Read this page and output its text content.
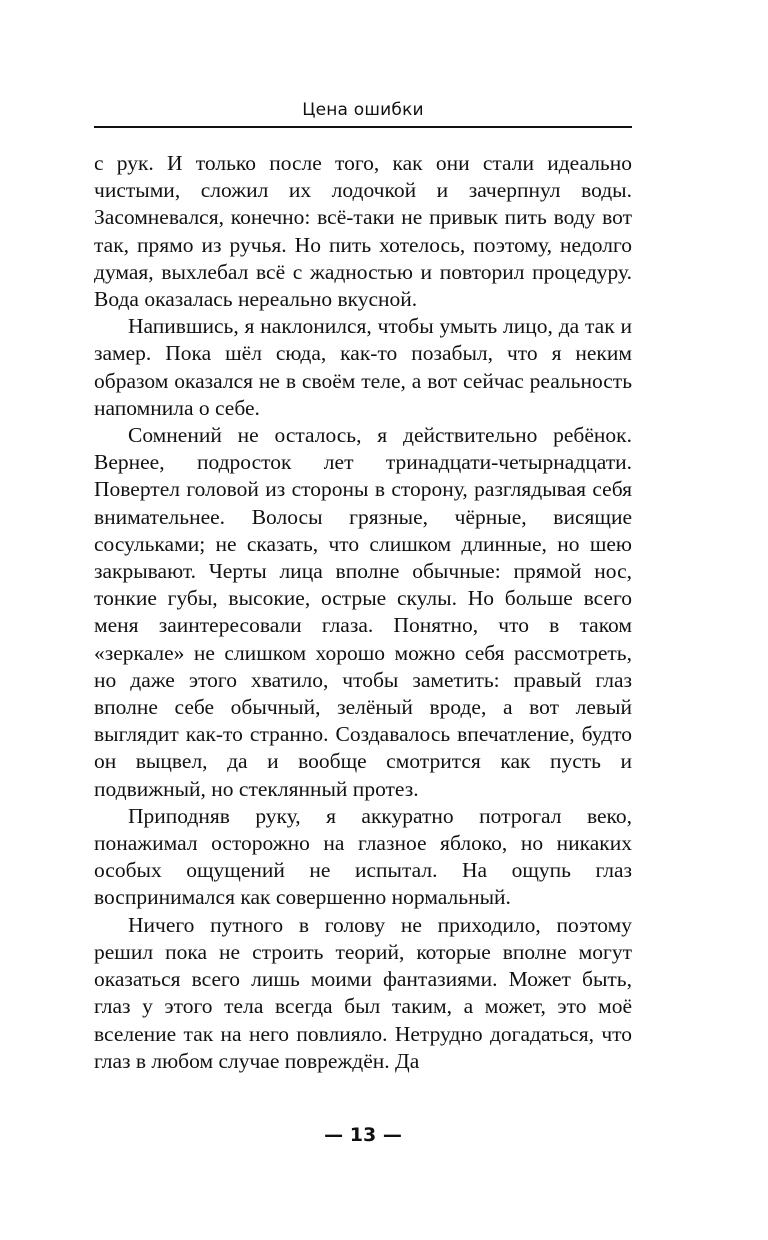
Цена ошибки

с рук. И только после того, как они стали идеально чистыми, сложил их лодочкой и зачерпнул воды. Засомневался, конечно: всё-таки не привык пить воду вот так, прямо из ручья. Но пить хотелось, поэтому, недолго думая, выхлебал всё с жадностью и повторил процедуру. Вода оказалась нереально вкусной.

Напившись, я наклонился, чтобы умыть лицо, да так и замер. Пока шёл сюда, как-то позабыл, что я неким образом оказался не в своём теле, а вот сейчас реальность напомнила о себе.

Сомнений не осталось, я действительно ребёнок. Вернее, подросток лет тринадцати-четырнадцати. Повертел головой из стороны в сторону, разглядывая себя внимательнее. Волосы грязные, чёрные, висящие сосульками; не сказать, что слишком длинные, но шею закрывают. Черты лица вполне обычные: прямой нос, тонкие губы, высокие, острые скулы. Но больше всего меня заинтересовали глаза. Понятно, что в таком «зеркале» не слишком хорошо можно себя рассмотреть, но даже этого хватило, чтобы заметить: правый глаз вполне себе обычный, зелёный вроде, а вот левый выглядит как-то странно. Создавалось впечатление, будто он выцвел, да и вообще смотрится как пусть и подвижный, но стеклянный протез.

Приподняв руку, я аккуратно потрогал веко, понажимал осторожно на глазное яблоко, но никаких особых ощущений не испытал. На ощупь глаз воспринимался как совершенно нормальный.

Ничего путного в голову не приходило, поэтому решил пока не строить теорий, которые вполне могут оказаться всего лишь моими фантазиями. Может быть, глаз у этого тела всегда был таким, а может, это моё вселение так на него повлияло. Нетрудно догадаться, что глаз в любом случае повреждён. Да

— 13 —
